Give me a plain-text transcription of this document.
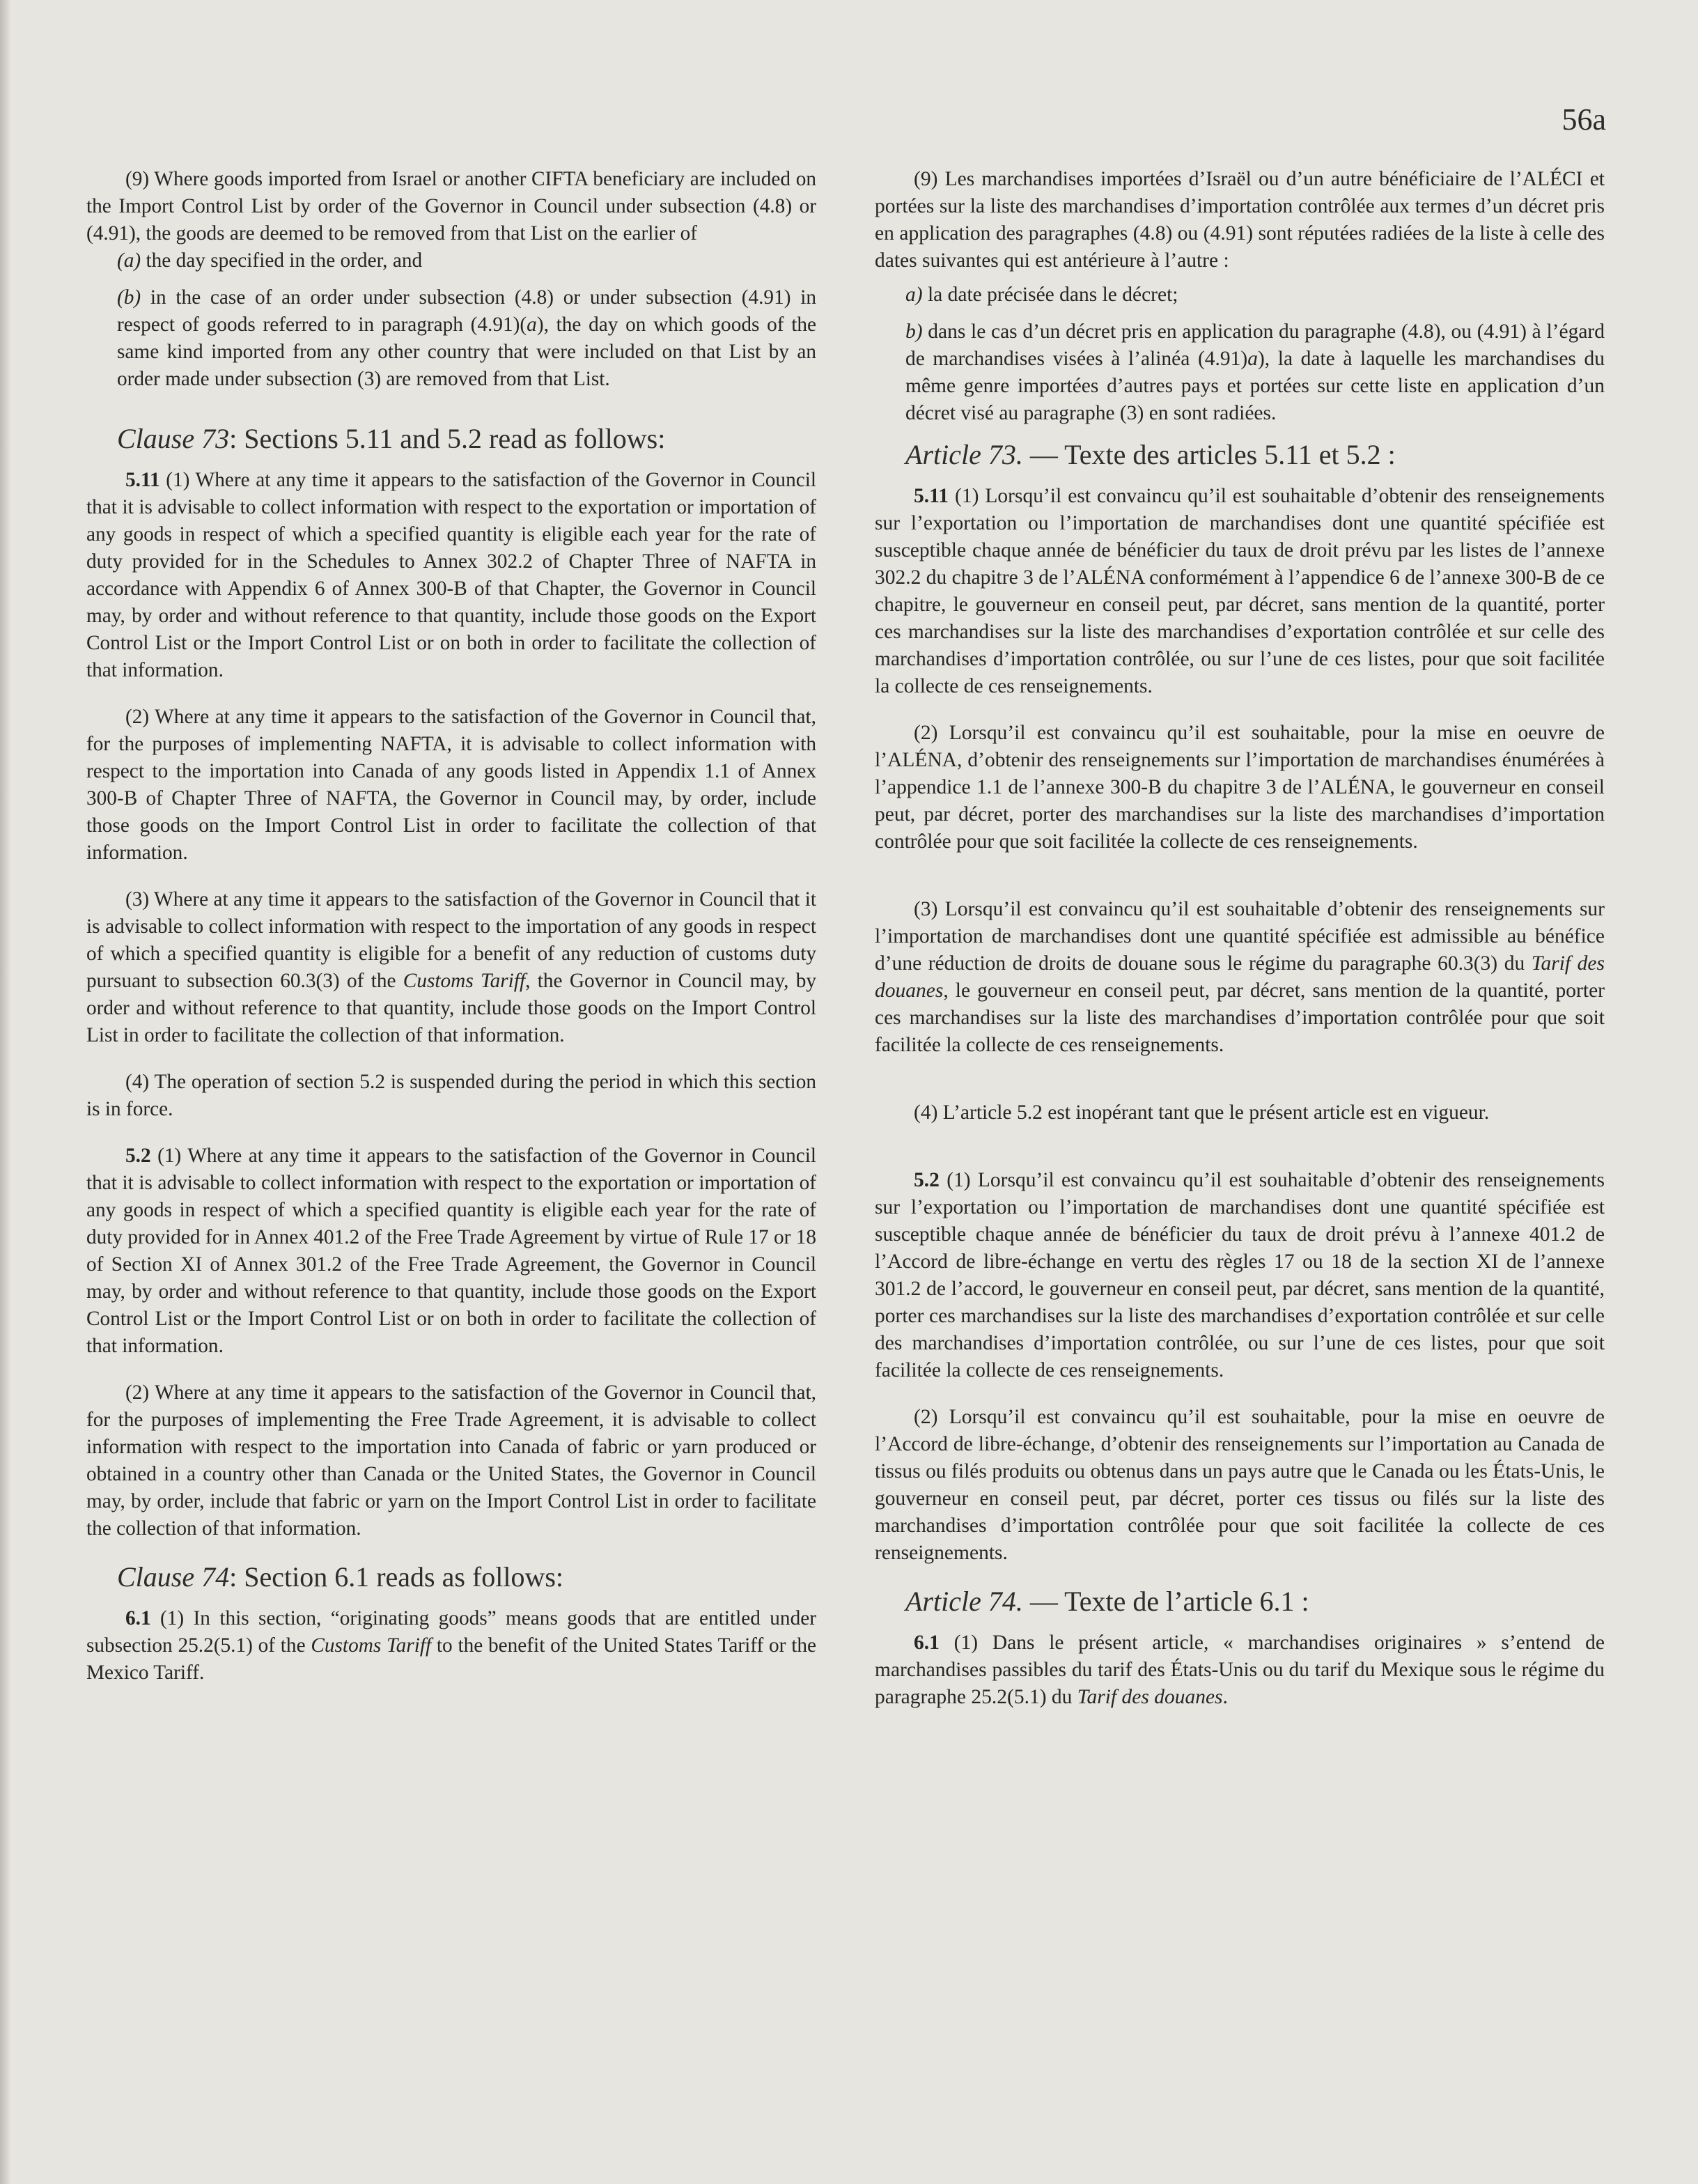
56a

(9) Where goods imported from Israel or another CIFTA beneficiary are included on the Import Control List by order of the Governor in Council under subsection (4.8) or (4.91), the goods are deemed to be removed from that List on the earlier of

(a) the day specified in the order, and

(b) in the case of an order under subsection (4.8) or under subsection (4.91) in respect of goods referred to in paragraph (4.91)(a), the day on which goods of the same kind imported from any other country that were included on that List by an order made under subsection (3) are removed from that List.

Clause 73: Sections 5.11 and 5.2 read as follows:

5.11 (1) Where at any time it appears to the satisfaction of the Governor in Council that it is advisable to collect information with respect to the exportation or importation of any goods in respect of which a specified quantity is eligible each year for the rate of duty provided for in the Schedules to Annex 302.2 of Chapter Three of NAFTA in accordance with Appendix 6 of Annex 300-B of that Chapter, the Governor in Council may, by order and without reference to that quantity, include those goods on the Export Control List or the Import Control List or on both in order to facilitate the collection of that information.

(2) Where at any time it appears to the satisfaction of the Governor in Council that, for the purposes of implementing NAFTA, it is advisable to collect information with respect to the importation into Canada of any goods listed in Appendix 1.1 of Annex 300-B of Chapter Three of NAFTA, the Governor in Council may, by order, include those goods on the Import Control List in order to facilitate the collection of that information.

(3) Where at any time it appears to the satisfaction of the Governor in Council that it is advisable to collect information with respect to the importation of any goods in respect of which a specified quantity is eligible for a benefit of any reduction of customs duty pursuant to subsection 60.3(3) of the Customs Tariff, the Governor in Council may, by order and without reference to that quantity, include those goods on the Import Control List in order to facilitate the collection of that information.

(4) The operation of section 5.2 is suspended during the period in which this section is in force.

5.2 (1) Where at any time it appears to the satisfaction of the Governor in Council that it is advisable to collect information with respect to the exportation or importation of any goods in respect of which a specified quantity is eligible each year for the rate of duty provided for in Annex 401.2 of the Free Trade Agreement by virtue of Rule 17 or 18 of Section XI of Annex 301.2 of the Free Trade Agreement, the Governor in Council may, by order and without reference to that quantity, include those goods on the Export Control List or the Import Control List or on both in order to facilitate the collection of that information.

(2) Where at any time it appears to the satisfaction of the Governor in Council that, for the purposes of implementing the Free Trade Agreement, it is advisable to collect information with respect to the importation into Canada of fabric or yarn produced or obtained in a country other than Canada or the United States, the Governor in Council may, by order, include that fabric or yarn on the Import Control List in order to facilitate the collection of that information.

Clause 74: Section 6.1 reads as follows:

6.1 (1) In this section, “originating goods” means goods that are entitled under subsection 25.2(5.1) of the Customs Tariff to the benefit of the United States Tariff or the Mexico Tariff.

(9) Les marchandises importées d’Israël ou d’un autre bénéficiaire de l’ALÉCI et portées sur la liste des marchandises d’importation contrôlée aux termes d’un décret pris en application des paragraphes (4.8) ou (4.91) sont réputées radiées de la liste à celle des dates suivantes qui est antérieure à l’autre :

a) la date précisée dans le décret;

b) dans le cas d’un décret pris en application du paragraphe (4.8), ou (4.91) à l’égard de marchandises visées à l’alinéa (4.91)a), la date à laquelle les marchandises du même genre importées d’autres pays et portées sur cette liste en application d’un décret visé au paragraphe (3) en sont radiées.

Article 73. — Texte des articles 5.11 et 5.2 :

5.11 (1) Lorsqu’il est convaincu qu’il est souhaitable d’obtenir des renseignements sur l’exportation ou l’importation de marchandises dont une quantité spécifiée est susceptible chaque année de bénéficier du taux de droit prévu par les listes de l’annexe 302.2 du chapitre 3 de l’ALÉNA conformément à l’appendice 6 de l’annexe 300-B de ce chapitre, le gouverneur en conseil peut, par décret, sans mention de la quantité, porter ces marchandises sur la liste des marchandises d’exportation contrôlée et sur celle des marchandises d’importation contrôlée, ou sur l’une de ces listes, pour que soit facilitée la collecte de ces renseignements.

(2) Lorsqu’il est convaincu qu’il est souhaitable, pour la mise en oeuvre de l’ALÉNA, d’obtenir des renseignements sur l’importation de marchandises énumérées à l’appendice 1.1 de l’annexe 300-B du chapitre 3 de l’ALÉNA, le gouverneur en conseil peut, par décret, porter des marchandises sur la liste des marchandises d’importation contrôlée pour que soit facilitée la collecte de ces renseignements.

(3) Lorsqu’il est convaincu qu’il est souhaitable d’obtenir des renseignements sur l’importation de marchandises dont une quantité spécifiée est admissible au bénéfice d’une réduction de droits de douane sous le régime du paragraphe 60.3(3) du Tarif des douanes, le gouverneur en conseil peut, par décret, sans mention de la quantité, porter ces marchandises sur la liste des marchandises d’importation contrôlée pour que soit facilitée la collecte de ces renseignements.

(4) L’article 5.2 est inopérant tant que le présent article est en vigueur.

5.2 (1) Lorsqu’il est convaincu qu’il est souhaitable d’obtenir des renseignements sur l’exportation ou l’importation de marchandises dont une quantité spécifiée est susceptible chaque année de bénéficier du taux de droit prévu à l’annexe 401.2 de l’Accord de libre-échange en vertu des règles 17 ou 18 de la section XI de l’annexe 301.2 de l’accord, le gouverneur en conseil peut, par décret, sans mention de la quantité, porter ces marchandises sur la liste des marchandises d’exportation contrôlée et sur celle des marchandises d’importation contrôlée, ou sur l’une de ces listes, pour que soit facilitée la collecte de ces renseignements.

(2) Lorsqu’il est convaincu qu’il est souhaitable, pour la mise en oeuvre de l’Accord de libre-échange, d’obtenir des renseignements sur l’importation au Canada de tissus ou filés produits ou obtenus dans un pays autre que le Canada ou les États-Unis, le gouverneur en conseil peut, par décret, porter ces tissus ou filés sur la liste des marchandises d’importation contrôlée pour que soit facilitée la collecte de ces renseignements.

Article 74. — Texte de l’article 6.1 :

6.1 (1) Dans le présent article, « marchandises originaires » s’entend de marchandises passibles du tarif des États-Unis ou du tarif du Mexique sous le régime du paragraphe 25.2(5.1) du Tarif des douanes.
